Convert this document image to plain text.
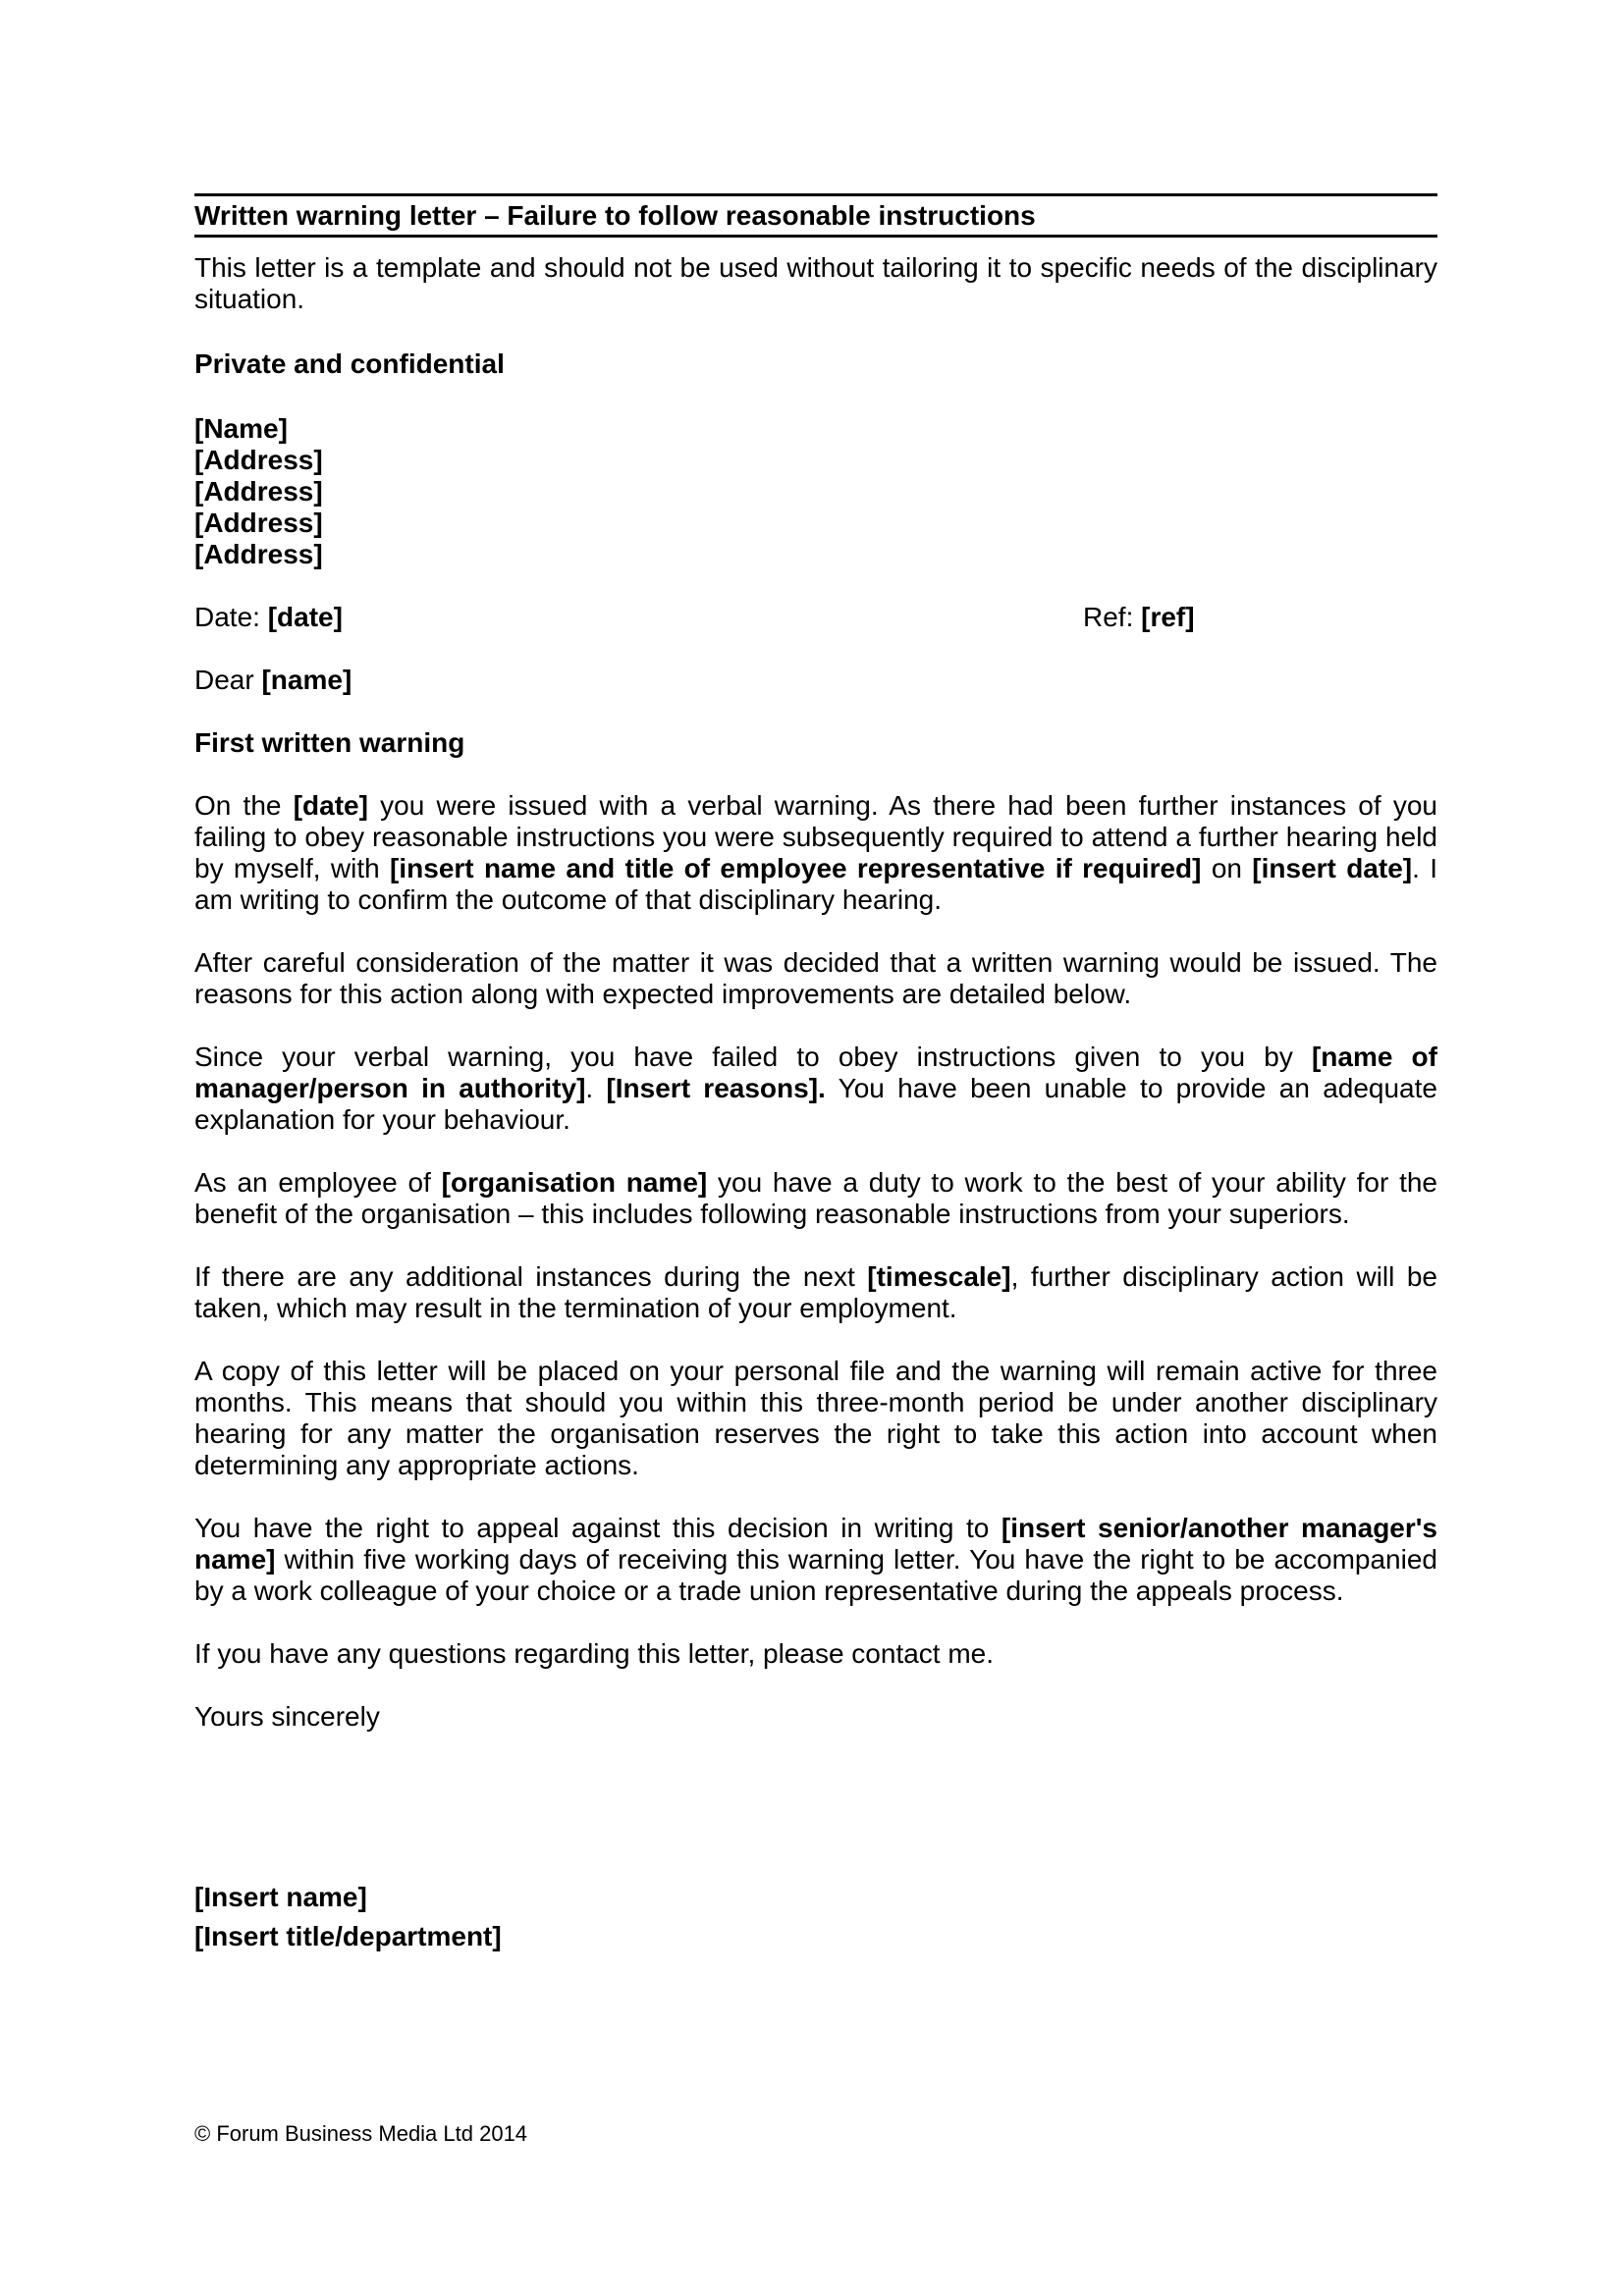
Written warning letter – Failure to follow reasonable instructions
This letter is a template and should not be used without tailoring it to specific needs of the disciplinary situation.
Private and confidential
[Name]
[Address]
[Address]
[Address]
[Address]
Date: [date]	Ref: [ref]
Dear [name]
First written warning

On the [date] you were issued with a verbal warning. As there had been further instances of you failing to obey reasonable instructions you were subsequently required to attend a further hearing held by myself, with [insert name and title of employee representative if required] on [insert date]. I am writing to confirm the outcome of that disciplinary hearing.

After careful consideration of the matter it was decided that a written warning would be issued. The reasons for this action along with expected improvements are detailed below.

Since your verbal warning, you have failed to obey instructions given to you by [name of manager/person in authority]. [Insert reasons]. You have been unable to provide an adequate explanation for your behaviour.

As an employee of [organisation name] you have a duty to work to the best of your ability for the benefit of the organisation – this includes following reasonable instructions from your superiors.

If there are any additional instances during the next [timescale], further disciplinary action will be taken, which may result in the termination of your employment.

A copy of this letter will be placed on your personal file and the warning will remain active for three months. This means that should you within this three-month period be under another disciplinary hearing for any matter the organisation reserves the right to take this action into account when determining any appropriate actions.

You have the right to appeal against this decision in writing to [insert senior/another manager's name] within five working days of receiving this warning letter. You have the right to be accompanied by a work colleague of your choice or a trade union representative during the appeals process.

If you have any questions regarding this letter, please contact me.

Yours sincerely

[Insert name]
[Insert title/department]
© Forum Business Media Ltd 2014
